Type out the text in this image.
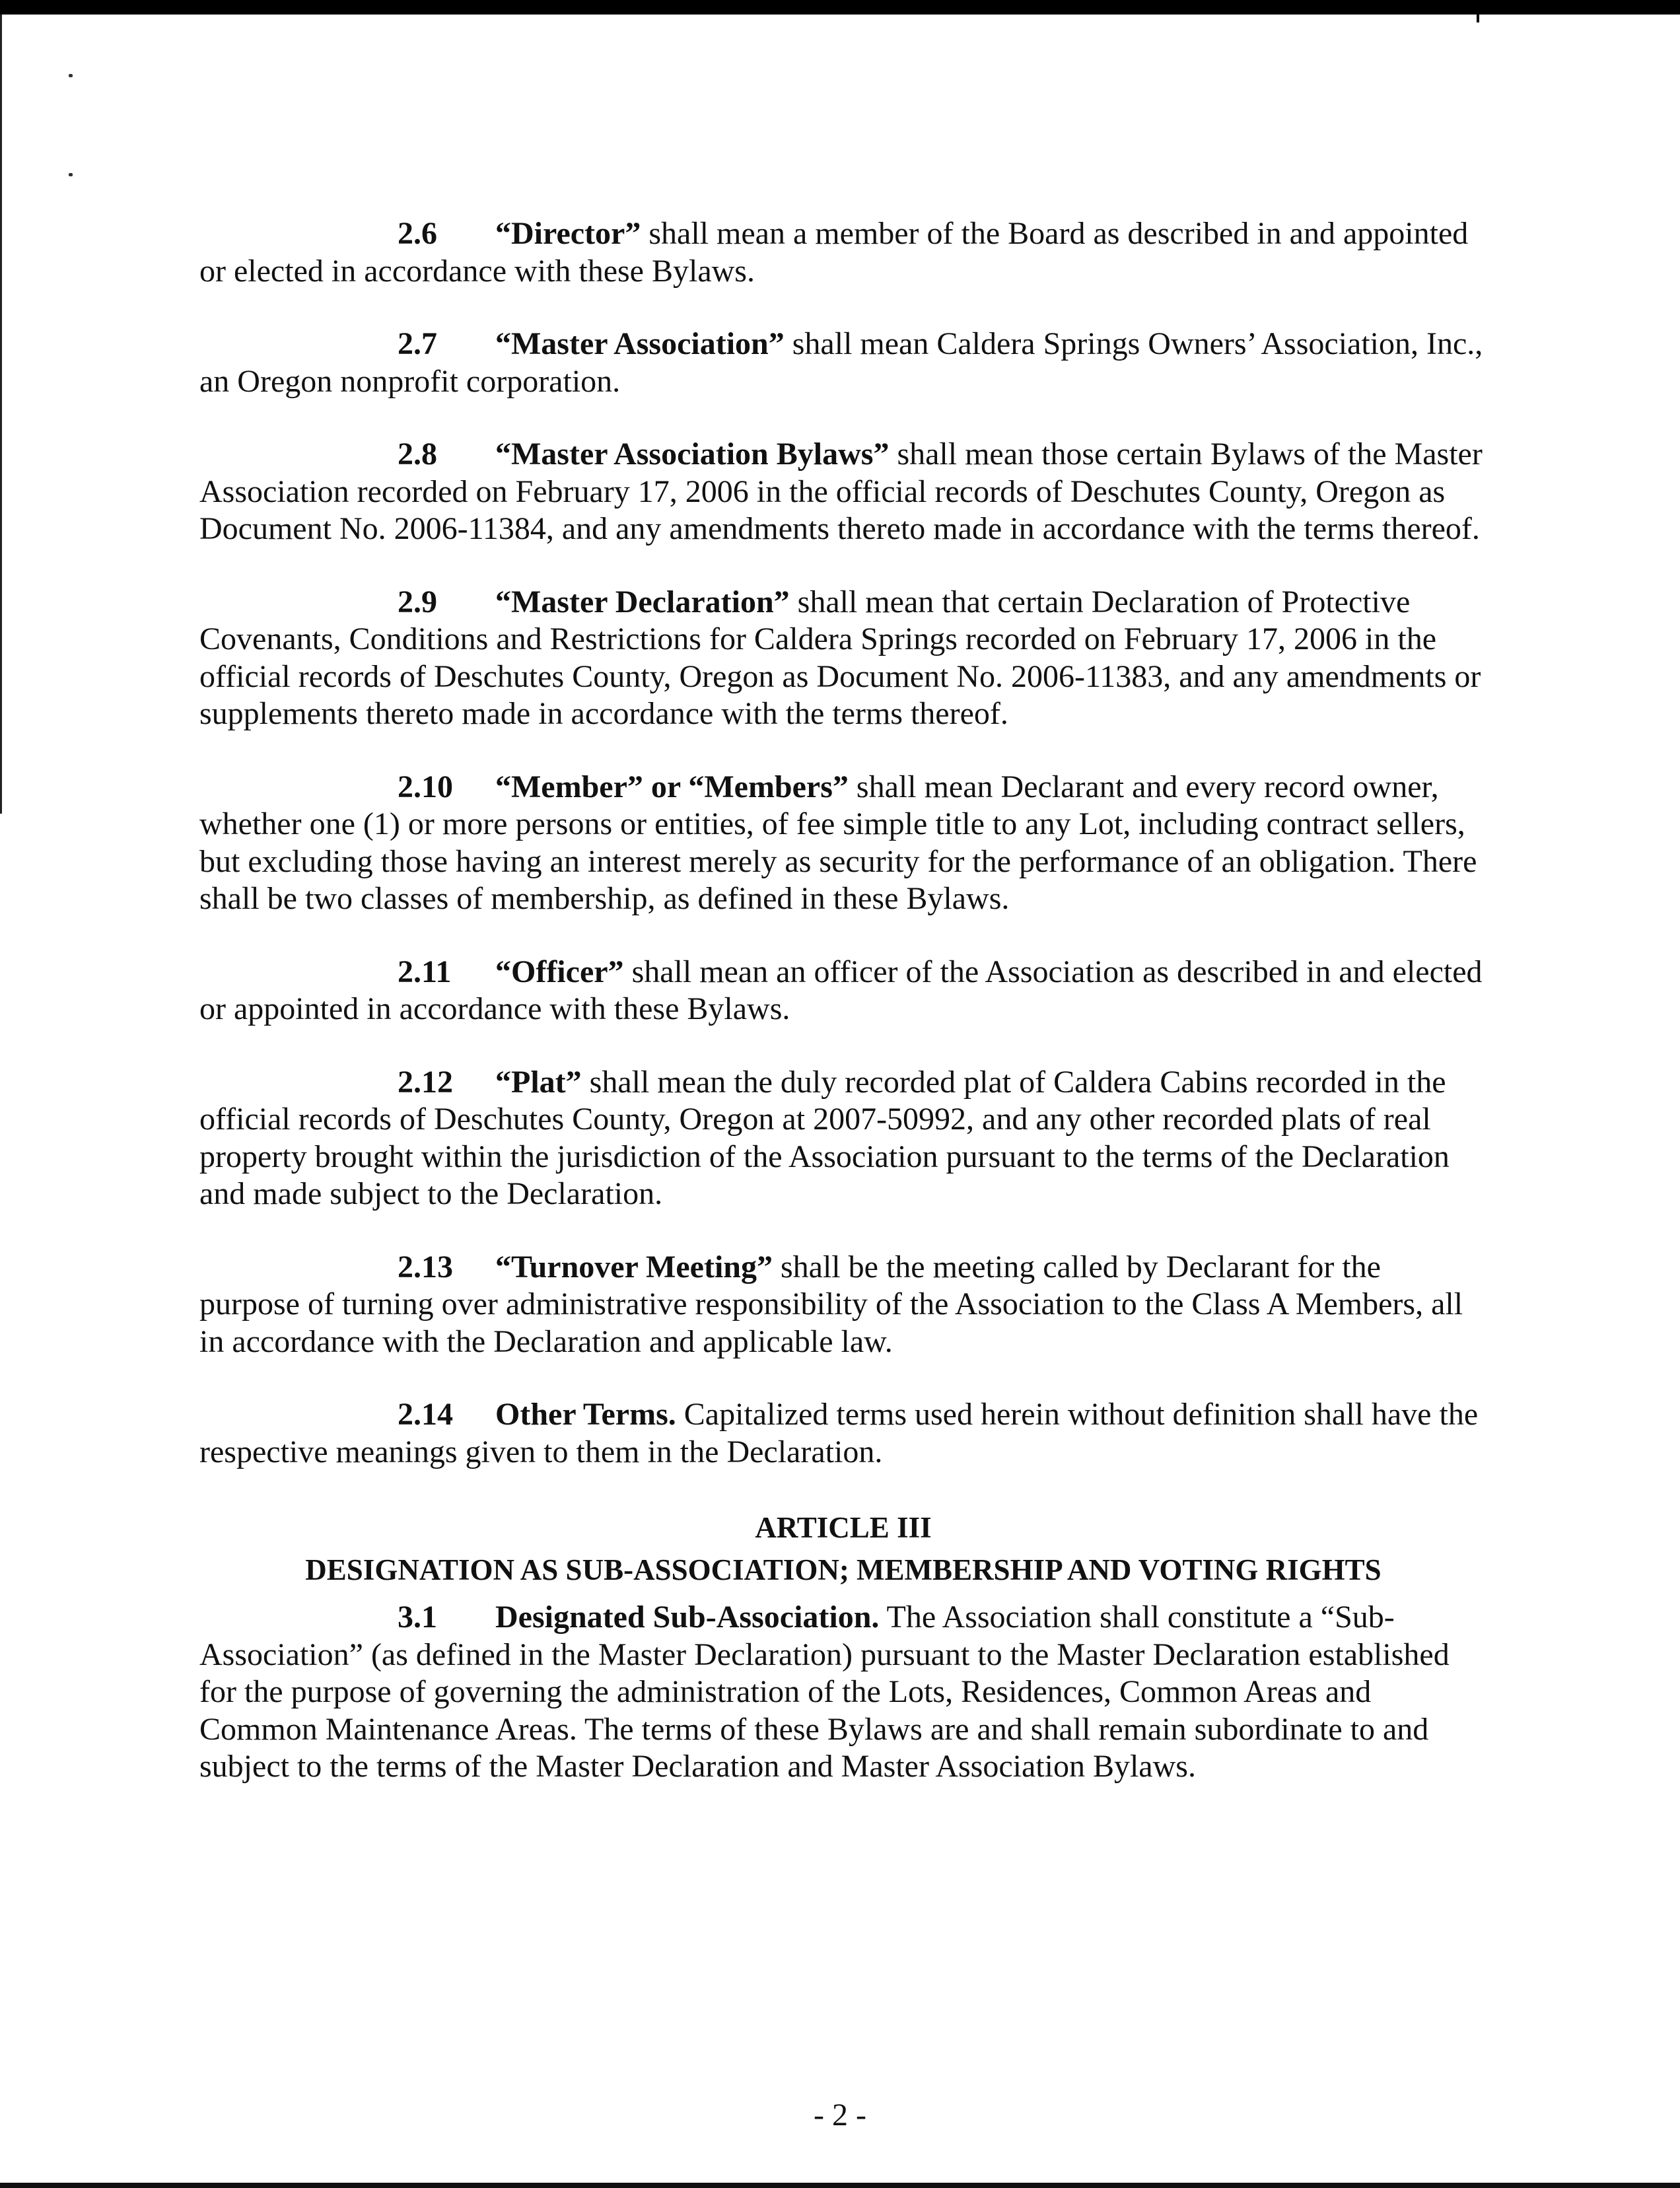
2.6 “Director” shall mean a member of the Board as described in and appointed or elected in accordance with these Bylaws.

2.7 “Master Association” shall mean Caldera Springs Owners’ Association, Inc., an Oregon nonprofit corporation.

2.8 “Master Association Bylaws” shall mean those certain Bylaws of the Master Association recorded on February 17, 2006 in the official records of Deschutes County, Oregon as Document No. 2006-11384, and any amendments thereto made in accordance with the terms thereof.

2.9 “Master Declaration” shall mean that certain Declaration of Protective Covenants, Conditions and Restrictions for Caldera Springs recorded on February 17, 2006 in the official records of Deschutes County, Oregon as Document No. 2006-11383, and any amendments or supplements thereto made in accordance with the terms thereof.

2.10 “Member” or “Members” shall mean Declarant and every record owner, whether one (1) or more persons or entities, of fee simple title to any Lot, including contract sellers, but excluding those having an interest merely as security for the performance of an obligation. There shall be two classes of membership, as defined in these Bylaws.

2.11 “Officer” shall mean an officer of the Association as described in and elected or appointed in accordance with these Bylaws.

2.12 “Plat” shall mean the duly recorded plat of Caldera Cabins recorded in the official records of Deschutes County, Oregon at 2007-50992, and any other recorded plats of real property brought within the jurisdiction of the Association pursuant to the terms of the Declaration and made subject to the Declaration.

2.13 “Turnover Meeting” shall be the meeting called by Declarant for the purpose of turning over administrative responsibility of the Association to the Class A Members, all in accordance with the Declaration and applicable law.

2.14 Other Terms. Capitalized terms used herein without definition shall have the respective meanings given to them in the Declaration.

ARTICLE III
DESIGNATION AS SUB-ASSOCIATION; MEMBERSHIP AND VOTING RIGHTS

3.1 Designated Sub-Association. The Association shall constitute a “Sub-Association” (as defined in the Master Declaration) pursuant to the Master Declaration established for the purpose of governing the administration of the Lots, Residences, Common Areas and Common Maintenance Areas. The terms of these Bylaws are and shall remain subordinate to and subject to the terms of the Master Declaration and Master Association Bylaws.

- 2 -
